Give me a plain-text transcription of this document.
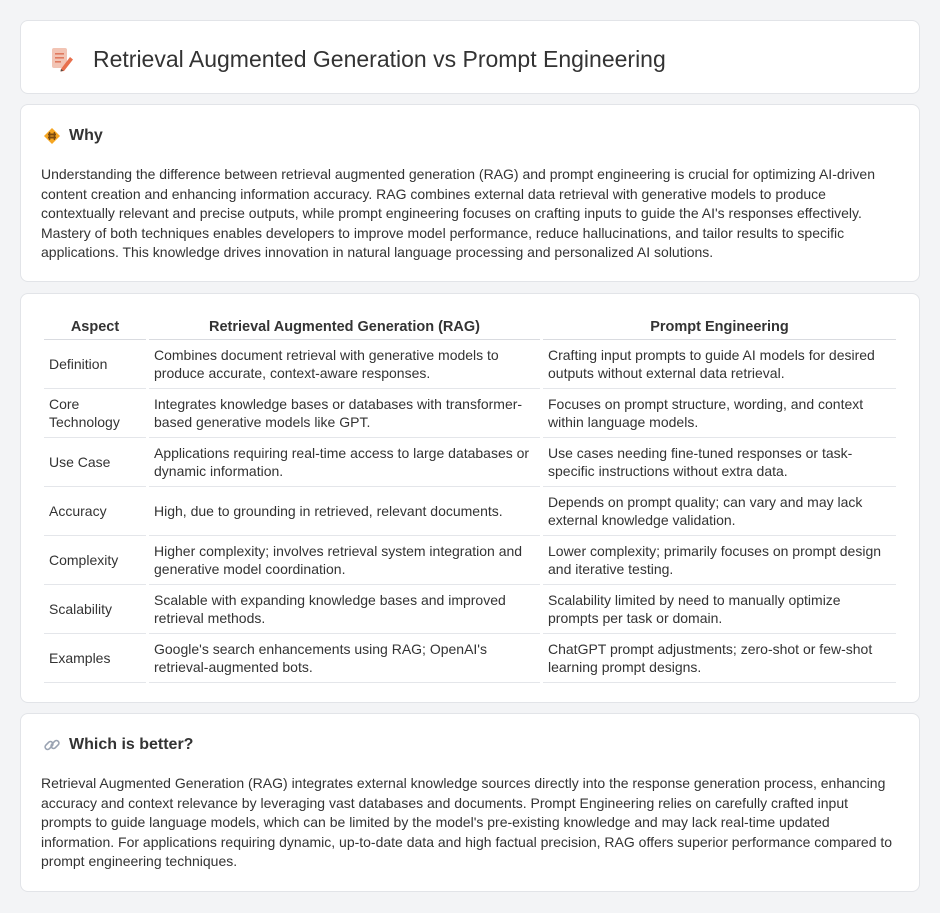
Retrieval Augmented Generation vs Prompt Engineering
Why

Understanding the difference between retrieval augmented generation (RAG) and prompt engineering is crucial for optimizing AI-driven content creation and enhancing information accuracy. RAG combines external data retrieval with generative models to produce contextually relevant and precise outputs, while prompt engineering focuses on crafting inputs to guide the AI's responses effectively. Mastery of both techniques enables developers to improve model performance, reduce hallucinations, and tailor results to specific applications. This knowledge drives innovation in natural language processing and personalized AI solutions.

Aspect	Retrieval Augmented Generation (RAG)	Prompt Engineering
Definition	Combines document retrieval with generative models to produce accurate, context-aware responses.	Crafting input prompts to guide AI models for desired outputs without external data retrieval.
Core Technology	Integrates knowledge bases or databases with transformer-based generative models like GPT.	Focuses on prompt structure, wording, and context within language models.
Use Case	Applications requiring real-time access to large databases or dynamic information.	Use cases needing fine-tuned responses or task-specific instructions without extra data.
Accuracy	High, due to grounding in retrieved, relevant documents.	Depends on prompt quality; can vary and may lack external knowledge validation.
Complexity	Higher complexity; involves retrieval system integration and generative model coordination.	Lower complexity; primarily focuses on prompt design and iterative testing.
Scalability	Scalable with expanding knowledge bases and improved retrieval methods.	Scalability limited by need to manually optimize prompts per task or domain.
Examples	Google's search enhancements using RAG; OpenAI's retrieval-augmented bots.	ChatGPT prompt adjustments; zero-shot or few-shot learning prompt designs.
Which is better?

Retrieval Augmented Generation (RAG) integrates external knowledge sources directly into the response generation process, enhancing accuracy and context relevance by leveraging vast databases and documents. Prompt Engineering relies on carefully crafted input prompts to guide language models, which can be limited by the model's pre-existing knowledge and may lack real-time updated information. For applications requiring dynamic, up-to-date data and high factual precision, RAG offers superior performance compared to prompt engineering techniques.
